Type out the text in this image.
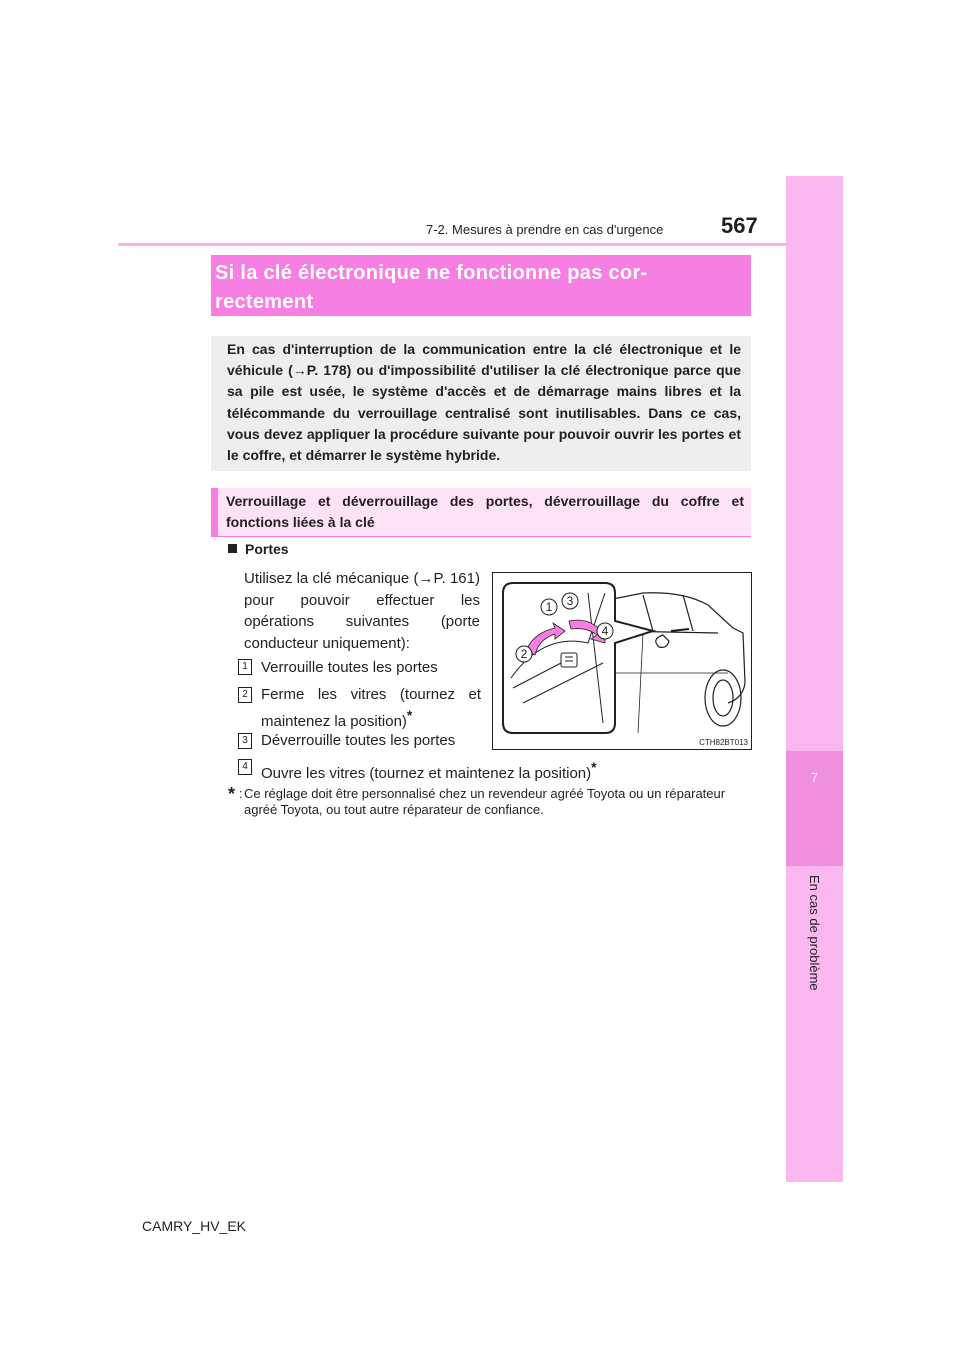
7
En cas de problème
7-2. Mesures à prendre en cas d'urgence	567
Si la clé électronique ne fonctionne pas cor-rectement
En cas d'interruption de la communication entre la clé électronique et le véhicule (→P. 178) ou d'impossibilité d'utiliser la clé électronique parce que sa pile est usée, le système d'accès et de démarrage mains libres et la télécommande du verrouillage centralisé sont inutilisables. Dans ce cas, vous devez appliquer la procédure suivante pour pouvoir ouvrir les portes et le coffre, et démarrer le système hybride.
Verrouillage et déverrouillage des portes, déverrouillage du coffre et fonctions liées à la clé
Portes
Utilisez la clé mécanique (→P. 161) pour pouvoir effectuer les opérations suivantes (porte conducteur uniquement):
1 Verrouille toutes les portes
2 Ferme les vitres (tournez et maintenez la position)*
3 Déverrouille toutes les portes
4 Ouvre les vitres (tournez et maintenez la position)*
* : Ce réglage doit être personnalisé chez un revendeur agréé Toyota ou un réparateur agréé Toyota, ou tout autre réparateur de confiance.
1 3
4
2
CTH82BT013
CAMRY_HV_EK
